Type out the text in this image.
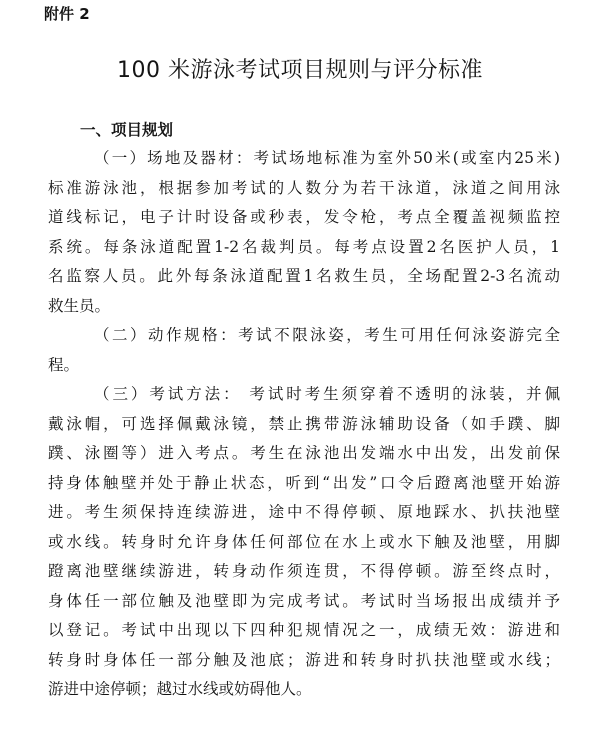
附件 2
100 米游泳考试项目规则与评分标准
一、项目规划
（一）场地及器材：考试场地标准为室外50米(或室内25米)
标准游泳池，根据参加考试的人数分为若干泳道，泳道之间用泳
道线标记，电子计时设备或秒表，发令枪，考点全覆盖视频监控
系统。每条泳道配置1-2名裁判员。每考点设置2名医护人员，1
名监察人员。此外每条泳道配置1名救生员，全场配置2-3名流动
救生员。
（二）动作规格：考试不限泳姿，考生可用任何泳姿游完全
程。
（三）考试方法： 考试时考生须穿着不透明的泳装，并佩
戴泳帽，可选择佩戴泳镜，禁止携带游泳辅助设备（如手蹼、脚
蹼、泳圈等）进入考点。考生在泳池出发端水中出发，出发前保
持身体触壁并处于静止状态，听到“出发”口令后蹬离池壁开始游
进。考生须保持连续游进，途中不得停顿、原地踩水、扒扶池壁
或水线。转身时允许身体任何部位在水上或水下触及池壁，用脚
蹬离池壁继续游进，转身动作须连贯，不得停顿。游至终点时，
身体任一部位触及池壁即为完成考试。考试时当场报出成绩并予
以登记。考试中出现以下四种犯规情况之一，成绩无效：游进和
转身时身体任一部分触及池底；游进和转身时扒扶池壁或水线；
游进中途停顿；越过水线或妨碍他人。
